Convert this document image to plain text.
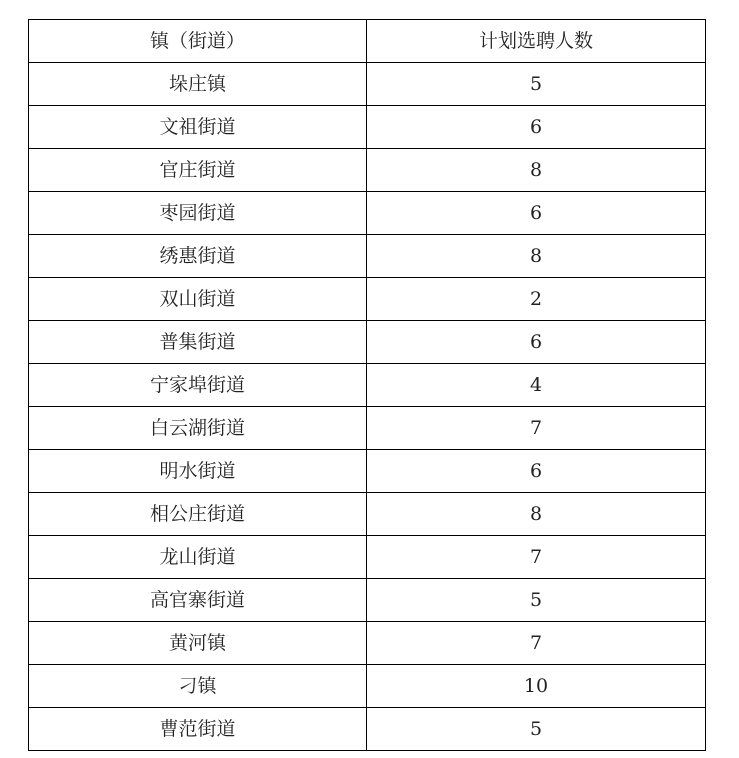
镇（街道）	计划选聘人数
垛庄镇	5
文祖街道	6
官庄街道	8
枣园街道	6
绣惠街道	8
双山街道	2
普集街道	6
宁家埠街道	4
白云湖街道	7
明水街道	6
相公庄街道	8
龙山街道	7
高官寨街道	5
黄河镇	7
刁镇	10
曹范街道	5
